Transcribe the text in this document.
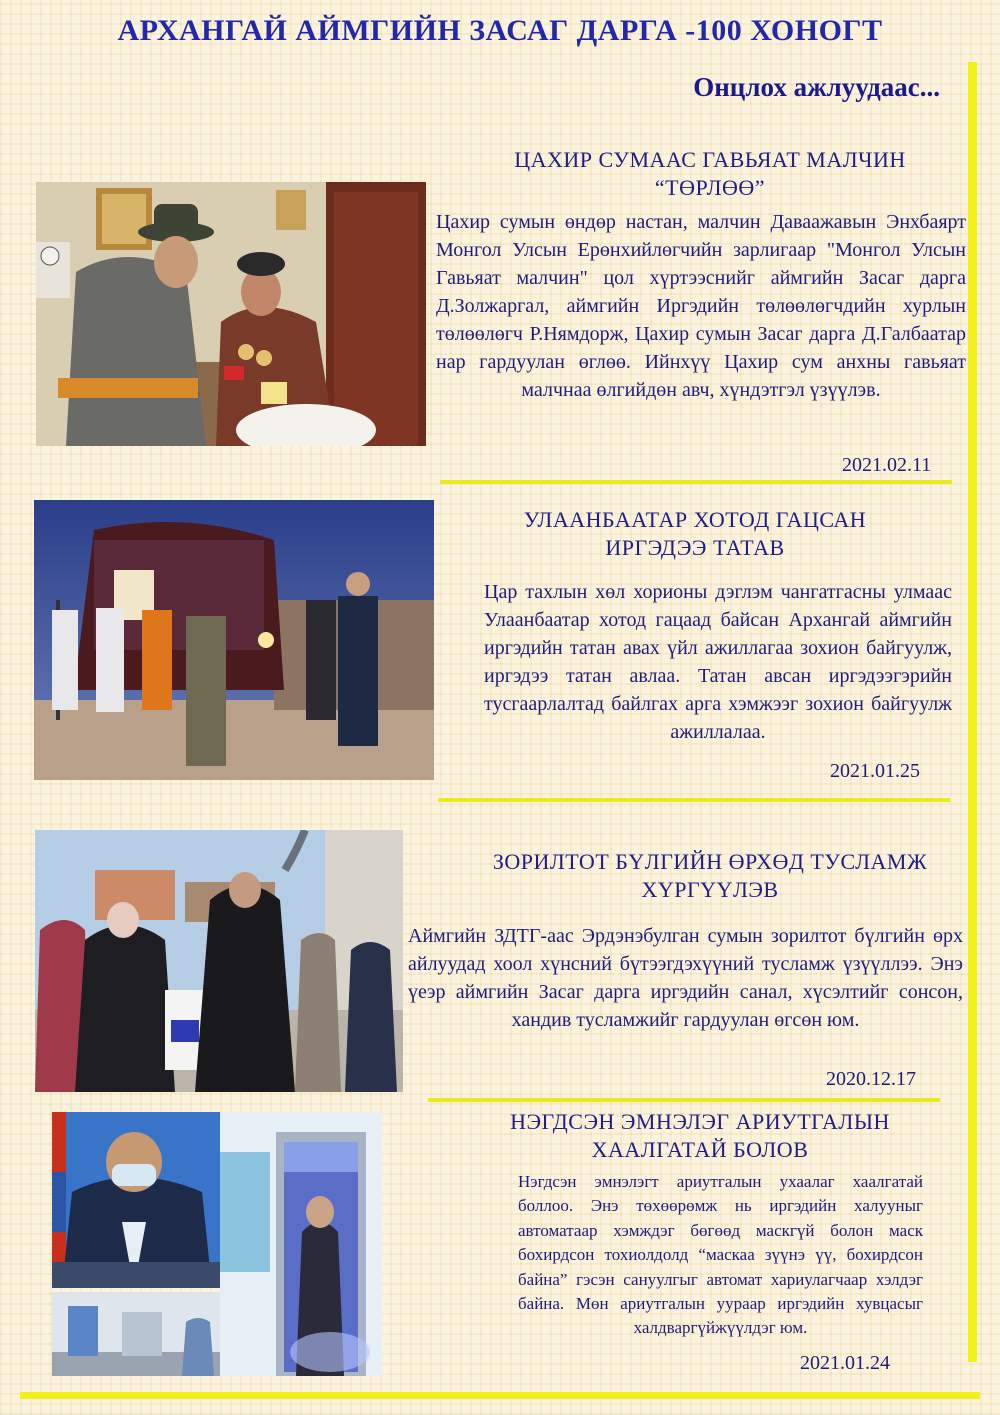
АРХАНГАЙ АЙМГИЙН ЗАСАГ ДАРГА -100 ХОНОГТ
Онцлох ажлуудаас...
ЦАХИР СУМААС ГАВЬЯАТ МАЛЧИН
“ТӨРЛӨӨ”
Цахир сумын өндөр настан, малчин Даваажавын Энхбаярт Монгол Улсын Ерөнхийлөгчийн зарлигаар "Монгол Улсын Гавьяат малчин" цол хүртээснийг аймгийн Засаг дарга Д.Золжаргал, аймгийн Иргэдийн төлөөлөгчдийн хурлын төлөөлөгч Р.Нямдорж, Цахир сумын Засаг дарга Д.Галбаатар нар гардуулан өглөө. Ийнхүү Цахир сум анхны гавьяат малчнаа өлгийдөн авч, хүндэтгэл үзүүлэв.
2021.02.11
УЛААНБААТАР ХОТОД ГАЦСАН
ИРГЭДЭЭ ТАТАВ
Цар тахлын хөл хорионы дэглэм чангатгасны улмаас Улаанбаатар хотод гацаад байсан Архангай аймгийн иргэдийн татан авах үйл ажиллагаа зохион байгуулж, иргэдээ татан авлаа. Татан авсан иргэдээгэрийн тусгаарлалтад байлгах арга хэмжээг зохион байгуулж ажиллалаа.
2021.01.25
ЗОРИЛТОТ БҮЛГИЙН ӨРХӨД ТУСЛАМЖ
ХҮРГҮҮЛЭВ
Аймгийн ЗДТГ-аас Эрдэнэбулган сумын зорилтот бүлгийн өрх айлуудад хоол хүнсний бүтээгдэхүүний тусламж үзүүллээ. Энэ үеэр аймгийн Засаг дарга иргэдийн санал, хүсэлтийг сонсон, хандив тусламжийг гардуулан өгсөн юм.
2020.12.17
НЭГДСЭН ЭМНЭЛЭГ АРИУТГАЛЫН
ХААЛГАТАЙ БОЛОВ
Нэгдсэн эмнэлэгт ариутгалын ухаалаг хаалгатай боллоо. Энэ төхөөрөмж нь иргэдийн халууныг автоматаар хэмждэг бөгөөд маскгүй болон маск бохирдсон тохиолдолд “маскаа зүүнэ үү, бохирдсон байна” гэсэн сануулгыг автомат хариулагчаар хэлдэг байна. Мөн ариутгалын уураар иргэдийн хувцасыг халдваргүйжүүлдэг юм.
2021.01.24
